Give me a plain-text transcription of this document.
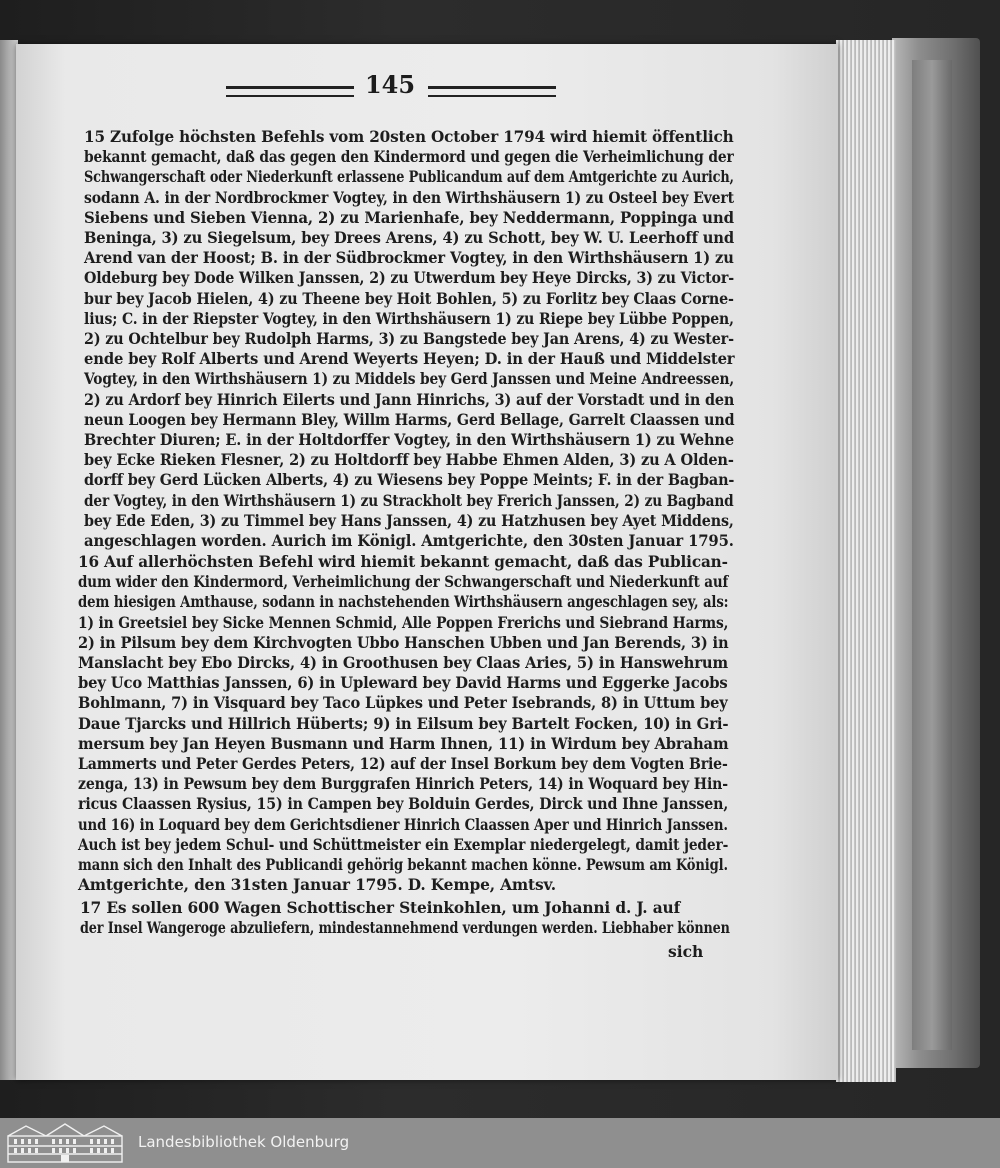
145
15 Zufolge höchsten Befehls vom 20sten October 1794 wird hiemit öffentlich
bekannt gemacht, daß das gegen den Kindermord und gegen die Verheimlichung der
Schwangerschaft oder Niederkunft erlassene Publicandum auf dem Amtgerichte zu Aurich,
sodann A. in der Nordbrockmer Vogtey, in den Wirthshäusern 1) zu Osteel bey Evert
Siebens und Sieben Vienna, 2) zu Marienhafe, bey Neddermann, Poppinga und
Beninga, 3) zu Siegelsum, bey Drees Arens, 4) zu Schott, bey W. U. Leerhoff und
Arend van der Hoost; B. in der Südbrockmer Vogtey, in den Wirthshäusern 1) zu
Oldeburg bey Dode Wilken Janssen, 2) zu Utwerdum bey Heye Dircks, 3) zu Victor-
bur bey Jacob Hielen, 4) zu Theene bey Hoit Bohlen, 5) zu Forlitz bey Claas Corne-
lius; C. in der Riepster Vogtey, in den Wirthshäusern 1) zu Riepe bey Lübbe Poppen,
2) zu Ochtelbur bey Rudolph Harms, 3) zu Bangstede bey Jan Arens, 4) zu Wester-
ende bey Rolf Alberts und Arend Weyerts Heyen; D. in der Hauß und Middelster
Vogtey, in den Wirthshäusern 1) zu Middels bey Gerd Janssen und Meine Andreessen,
2) zu Ardorf bey Hinrich Eilerts und Jann Hinrichs, 3) auf der Vorstadt und in den
neun Loogen bey Hermann Bley, Willm Harms, Gerd Bellage, Garrelt Claassen und
Brechter Diuren; E. in der Holtdorffer Vogtey, in den Wirthshäusern 1) zu Wehne
bey Ecke Rieken Flesner, 2) zu Holtdorff bey Habbe Ehmen Alden, 3) zu A Olden-
dorff bey Gerd Lücken Alberts, 4) zu Wiesens bey Poppe Meints; F. in der Bagban-
der Vogtey, in den Wirthshäusern 1) zu Strackholt bey Frerich Janssen, 2) zu Bagband
bey Ede Eden, 3) zu Timmel bey Hans Janssen, 4) zu Hatzhusen bey Ayet Middens,
angeschlagen worden. Aurich im Königl. Amtgerichte, den 30sten Januar 1795.
16 Auf allerhöchsten Befehl wird hiemit bekannt gemacht, daß das Publican-
dum wider den Kindermord, Verheimlichung der Schwangerschaft und Niederkunft auf
dem hiesigen Amthause, sodann in nachstehenden Wirthshäusern angeschlagen sey, als:
1) in Greetsiel bey Sicke Mennen Schmid, Alle Poppen Frerichs und Siebrand Harms,
2) in Pilsum bey dem Kirchvogten Ubbo Hanschen Ubben und Jan Berends, 3) in
Manslacht bey Ebo Dircks, 4) in Groothusen bey Claas Aries, 5) in Hanswehrum
bey Uco Matthias Janssen, 6) in Upleward bey David Harms und Eggerke Jacobs
Bohlmann, 7) in Visquard bey Taco Lüpkes und Peter Isebrands, 8) in Uttum bey
Daue Tjarcks und Hillrich Hüberts; 9) in Eilsum bey Bartelt Focken, 10) in Gri-
mersum bey Jan Heyen Busmann und Harm Ihnen, 11) in Wirdum bey Abraham
Lammerts und Peter Gerdes Peters, 12) auf der Insel Borkum bey dem Vogten Brie-
zenga, 13) in Pewsum bey dem Burggrafen Hinrich Peters, 14) in Woquard bey Hin-
ricus Claassen Rysius, 15) in Campen bey Bolduin Gerdes, Dirck und Ihne Janssen,
und 16) in Loquard bey dem Gerichtsdiener Hinrich Claassen Aper und Hinrich Janssen.
Auch ist bey jedem Schul- und Schüttmeister ein Exemplar niedergelegt, damit jeder-
mann sich den Inhalt des Publicandi gehörig bekannt machen könne. Pewsum am Königl.
Amtgerichte, den 31sten Januar 1795. D. Kempe, Amtsv.
17 Es sollen 600 Wagen Schottischer Steinkohlen, um Johanni d. J. auf
der Insel Wangeroge abzuliefern, mindestannehmend verdungen werden. Liebhaber können
sich
Landesbibliothek Oldenburg
